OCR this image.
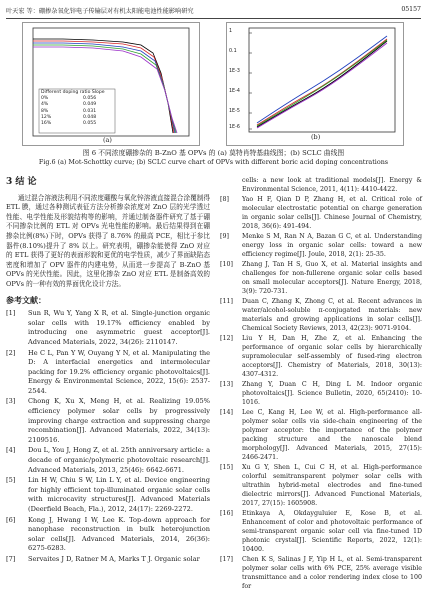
叶天宏 等：硼掺杂氧化锌电子传输层对有机太阳能电池性能影响研究	05157
Different doping ratio Slope
0%	0.056
4%	0.049
8%	0.031
12%	0.048
16%	0.055
(a)
1
0.1
1E-3
1E-4
1E-5
1E-6
(b)
图 6 不同浓度硼掺杂的 B-ZnO 基 OPVs 的 (a) 莫特肖特基曲线图；(b) SCLC 曲线图
Fig.6 (a) Mot-Schottky curve; (b) SCLC curve chart of OPVs with different boric acid doping concentrations
3 结 论

通过混合溶液法利用不同浓度硼酸与氧化锌溶液直接混合涂覆制得 ETL 膜，通过各种测试表征方法分析掺杂浓度对 ZnO 层的光学透过性能、电学性能及形貌结构等的影响，并通过制备器件研究了基于硼不同掺杂比例的 ETL 对 OPVs 光电性能的影响。最后结果得到在硼掺杂比例(8%)下时，OPVs 获得了 8.76% 的最高 PCE，相比于参比器件(8.10%)提升了 8% 以上。研究表明，硼掺杂能使得 ZnO 对应的 ETL 获得了更好的表面形貌和更优的电学性质，减少了界面缺陷态密度和增加了 OPV 器件的内建电势，从而进一步提高了 B-ZnO 基 OPVs 的光伏性能。因此，这里化掺杂 ZnO 对应 ETL 是制备高效的 OPVs 的一种有效的界面优化设计方法。

参考文献：
[1]	Sun R, Wu Y, Yang X R, et al. Single-junction organic solar cells with 19.17% efficiency enabled by introducing one asymmetric guest acceptor[J]. Advanced Materials, 2022, 34(26): 2110147.
[2]	He C L, Pan Y W, Ouyang Y N, et al. Manipulating the D: A interfacial energetics and intermolecular packing for 19.2% efficiency organic photovoltaics[J]. Energy & Environmental Science, 2022, 15(6): 2537-2544.
[3]	Chong K, Xu X, Meng H, et al. Realizing 19.05% efficiency polymer solar cells by progressively improving charge extraction and suppressing charge recombination[J]. Advanced Materials, 2022, 34(13): 2109516.
[4]	Dou L, You J, Hong Z, et al. 25th anniversary article: a decade of organic/polymeric photovoltaic research[J]. Advanced Materials, 2013, 25(46): 6642-6671.
[5]	Lin H W, Chiu S W, Lin L Y, et al. Device engineering for highly efficient top-illuminated organic solar cells with microcavity structures[J]. Advanced Materials (Deerfield Beach, Fla.), 2012, 24(17): 2269-2272.
[6]	Kong J, Hwang I W, Lee K. Top-down approach for nanophase reconstruction in bulk heterojunction solar cells[J]. Advanced Materials, 2014, 26(36): 6275-6283.
[7]	Servaites J D, Ratner M A, Marks T J. Organic solar
cells: a new look at traditional models[J]. Energy & Environmental Science, 2011, 4(11): 4410-4422.
[8]	Yao H F, Qian D P, Zhang H, et al. Critical role of molecular electrostatic potential on charge generation in organic solar cells[J]. Chinese Journal of Chemistry, 2018, 36(6): 491-494.
[9]	Menke S M, Ran N A, Bazan G C, et al. Understanding energy loss in organic solar cells: toward a new efficiency regime[J]. Joule, 2018, 2(1): 25-35.
[10]	Zhang J, Tan H S, Guo X, et al. Material insights and challenges for non-fullerene organic solar cells based on small molecular acceptors[J]. Nature Energy, 2018, 3(9): 720-731.
[11]	Duan C, Zhang K, Zhong C, et al. Recent advances in water/alcohol-soluble π-conjugated materials: new materials and growing applications in solar cells[J]. Chemical Society Reviews, 2013, 42(23): 9071-9104.
[12]	Liu Y H, Dan H, Zhe Z, et al. Enhancing the performance of organic solar cells by hierarchically supramolecular self-assembly of fused-ring electron acceptors[J]. Chemistry of Materials, 2018, 30(13): 4307-4312.
[13]	Zhang Y, Duan C H, Ding L M. Indoor organic photovoltaics[J]. Science Bulletin, 2020, 65(2410): 10-1016.
[14]	Lee C, Kang H, Lee W, et al. High-performance all-polymer solar cells via side-chain engineering of the polymer acceptor: the importance of the polymer packing structure and the nanoscale blend morphology[J]. Advanced Materials, 2015, 27(15): 2466-2471.
[15]	Xu G Y, Shen L, Cui C H, et al. High-performance colorful semitransparent polymer solar cells with ultrathin hybrid-metal electrodes and fine-tuned dielectric mirrors[J]. Advanced Functional Materials, 2017, 27(15): 1605908.
[16]	Etinkaya A, Okdayguluier E, Kose B, et al. Enhancement of color and photovoltaic performance of semi-transparent organic solar cell via fine-tuned 1D photonic crystal[J]. Scientific Reports, 2022, 12(1): 10400.
[17]	Chen K S, Salinas J F, Yip H L, et al. Semi-transparent polymer solar cells with 6% PCE, 25% average visible transmittance and a color rendering index close to 100 for
